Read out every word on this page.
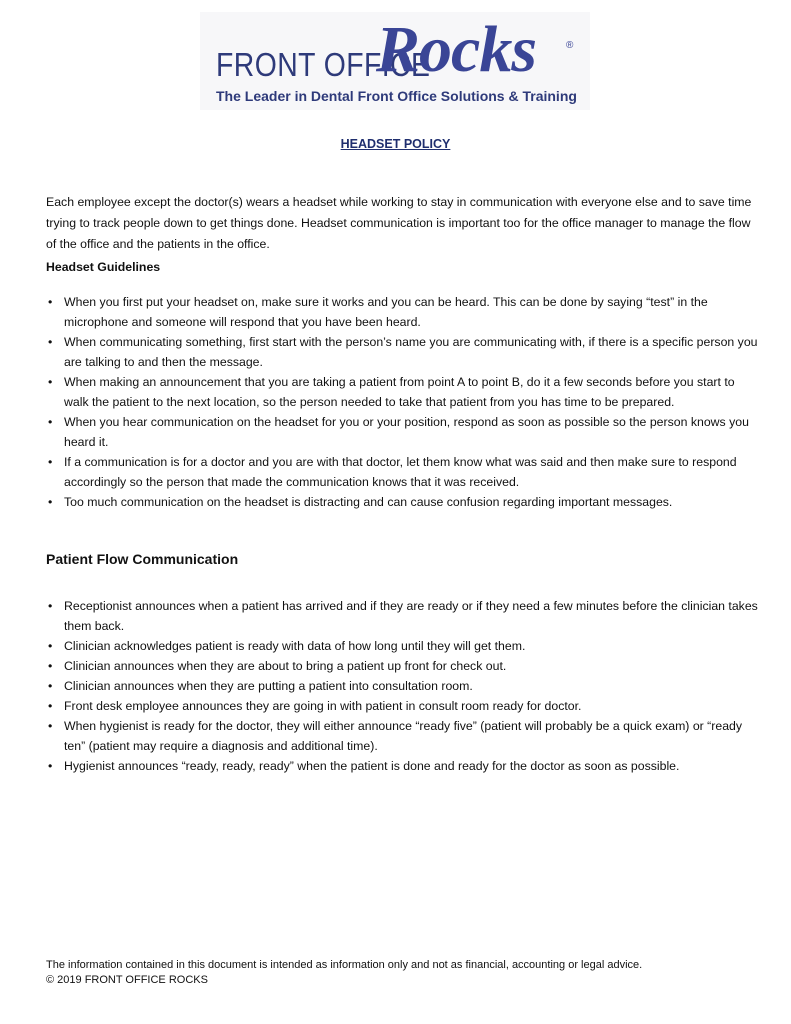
FRONT OFFICE
Rocks	®
The Leader in Dental Front Office Solutions & Training
HEADSET POLICY
Each employee except the doctor(s) wears a headset while working to stay in communication with everyone else and to save time trying to track people down to get things done. Headset communication is important too for the office manager to manage the flow of the office and the patients in the office.
Headset Guidelines
• When you first put your headset on, make sure it works and you can be heard. This can be done by saying “test” in the microphone and someone will respond that you have been heard.
• When communicating something, first start with the person’s name you are communicating with, if there is a specific person you are talking to and then the message.
• When making an announcement that you are taking a patient from point A to point B, do it a few seconds before you start to walk the patient to the next location, so the person needed to take that patient from you has time to be prepared.
• When you hear communication on the headset for you or your position, respond as soon as possible so the person knows you heard it.
• If a communication is for a doctor and you are with that doctor, let them know what was said and then make sure to respond accordingly so the person that made the communication knows that it was received.
• Too much communication on the headset is distracting and can cause confusion regarding important messages.
Patient Flow Communication
• Receptionist announces when a patient has arrived and if they are ready or if they need a few minutes before the clinician takes them back.
• Clinician acknowledges patient is ready with data of how long until they will get them.
• Clinician announces when they are about to bring a patient up front for check out.
• Clinician announces when they are putting a patient into consultation room.
• Front desk employee announces they are going in with patient in consult room ready for doctor.
• When hygienist is ready for the doctor, they will either announce “ready five” (patient will probably be a quick exam) or “ready ten” (patient may require a diagnosis and additional time).
• Hygienist announces “ready, ready, ready” when the patient is done and ready for the doctor as soon as possible.
The information contained in this document is intended as information only and not as financial, accounting or legal advice.
© 2019 FRONT OFFICE ROCKS
